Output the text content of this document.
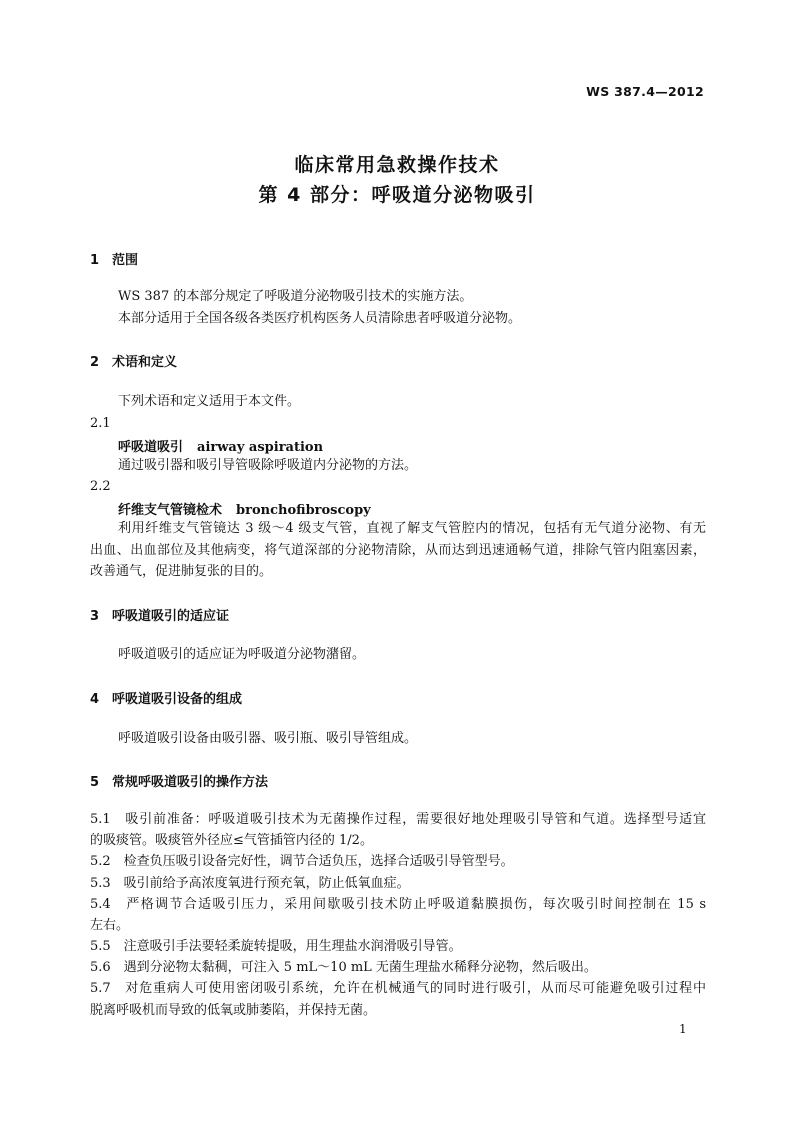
WS 387.4—2012
临床常用急救操作技术
第 4 部分：呼吸道分泌物吸引
1 范围
WS 387 的本部分规定了呼吸道分泌物吸引技术的实施方法。
本部分适用于全国各级各类医疗机构医务人员清除患者呼吸道分泌物。
2 术语和定义
下列术语和定义适用于本文件。
2.1
呼吸道吸引 airway aspiration
通过吸引器和吸引导管吸除呼吸道内分泌物的方法。
2.2
纤维支气管镜检术 bronchofibroscopy
利用纤维支气管镜达 3 级～4 级支气管，直视了解支气管腔内的情况，包括有无气道分泌物、有无
出血、出血部位及其他病变，将气道深部的分泌物清除，从而达到迅速通畅气道，排除气管内阻塞因素，
改善通气，促进肺复张的目的。
3 呼吸道吸引的适应证
呼吸道吸引的适应证为呼吸道分泌物潴留。
4 呼吸道吸引设备的组成
呼吸道吸引设备由吸引器、吸引瓶、吸引导管组成。
5 常规呼吸道吸引的操作方法
5.1　吸引前准备：呼吸道吸引技术为无菌操作过程，需要很好地处理吸引导管和气道。选择型号适宜
的吸痰管。吸痰管外径应≤气管插管内径的 1/2。
5.2　检查负压吸引设备完好性，调节合适负压，选择合适吸引导管型号。
5.3　吸引前给予高浓度氧进行预充氧，防止低氧血症。
5.4　严格调节合适吸引压力，采用间歇吸引技术防止呼吸道黏膜损伤，每次吸引时间控制在 15 s
左右。
5.5　注意吸引手法要轻柔旋转提吸，用生理盐水润滑吸引导管。
5.6　遇到分泌物太黏稠，可注入 5 mL～10 mL 无菌生理盐水稀释分泌物，然后吸出。
5.7　对危重病人可使用密闭吸引系统，允许在机械通气的同时进行吸引，从而尽可能避免吸引过程中
脱离呼吸机而导致的低氧或肺萎陷，并保持无菌。
1
